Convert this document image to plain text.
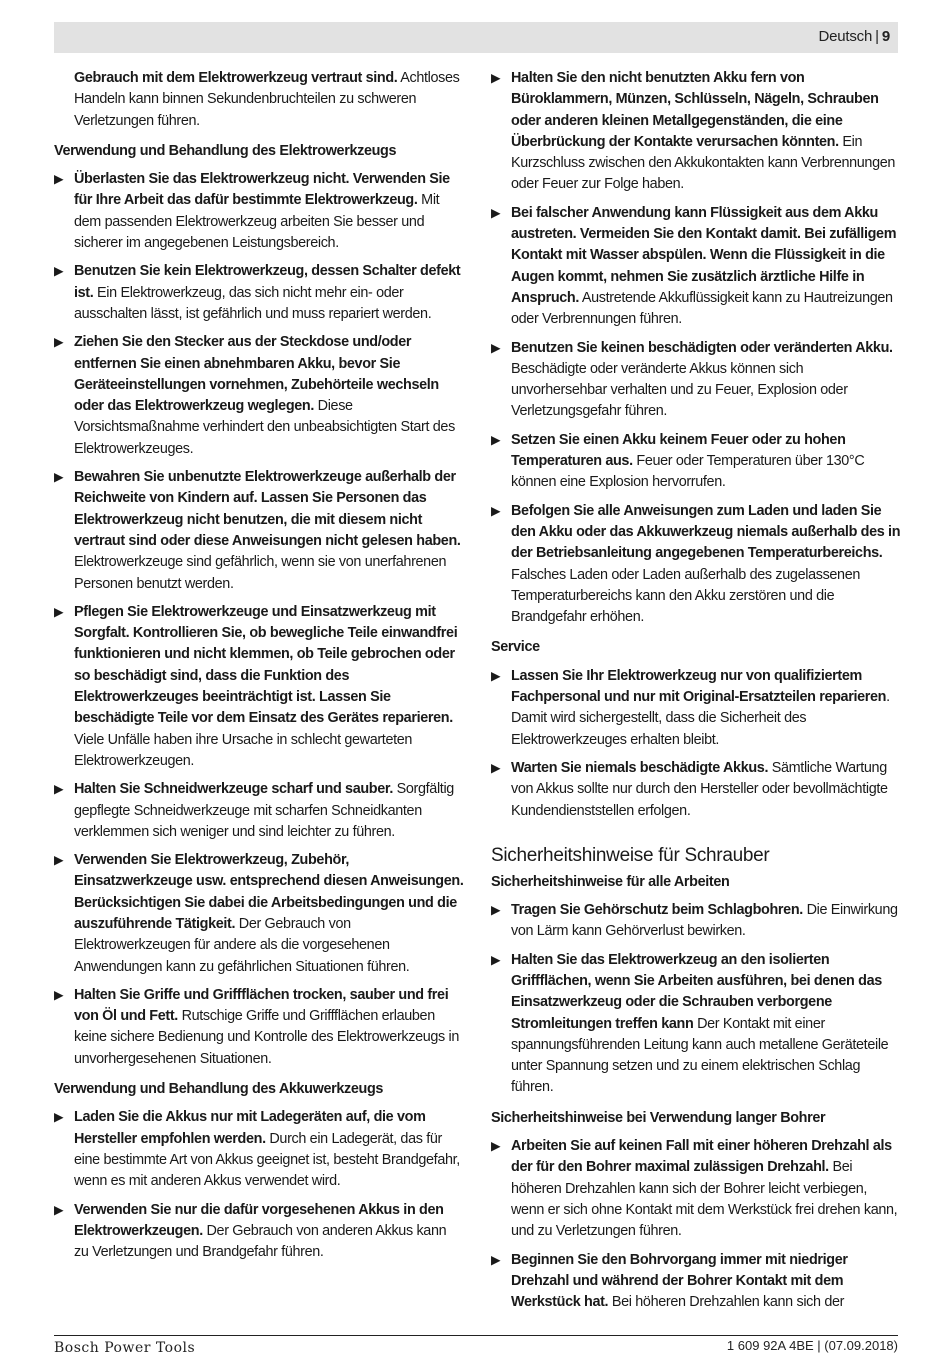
Deutsch | 9
Gebrauch mit dem Elektrowerkzeug vertraut sind. Achtloses Handeln kann binnen Sekundenbruchteilen zu schweren Verletzungen führen.
Verwendung und Behandlung des Elektrowerkzeugs
▶ Überlasten Sie das Elektrowerkzeug nicht. Verwenden Sie für Ihre Arbeit das dafür bestimmte Elektrowerkzeug. Mit dem passenden Elektrowerkzeug arbeiten Sie besser und sicherer im angegebenen Leistungsbereich.
▶ Benutzen Sie kein Elektrowerkzeug, dessen Schalter defekt ist. Ein Elektrowerkzeug, das sich nicht mehr ein- oder ausschalten lässt, ist gefährlich und muss repariert werden.
▶ Ziehen Sie den Stecker aus der Steckdose und/oder entfernen Sie einen abnehmbaren Akku, bevor Sie Geräteeinstellungen vornehmen, Zubehörteile wechseln oder das Elektrowerkzeug weglegen. Diese Vorsichtsmaßnahme verhindert den unbeabsichtigten Start des Elektrowerkzeuges.
▶ Bewahren Sie unbenutzte Elektrowerkzeuge außerhalb der Reichweite von Kindern auf. Lassen Sie Personen das Elektrowerkzeug nicht benutzen, die mit diesem nicht vertraut sind oder diese Anweisungen nicht gelesen haben. Elektrowerkzeuge sind gefährlich, wenn sie von unerfahrenen Personen benutzt werden.
▶ Pflegen Sie Elektrowerkzeuge und Einsatzwerkzeug mit Sorgfalt. Kontrollieren Sie, ob bewegliche Teile einwandfrei funktionieren und nicht klemmen, ob Teile gebrochen oder so beschädigt sind, dass die Funktion des Elektrowerkzeuges beeinträchtigt ist. Lassen Sie beschädigte Teile vor dem Einsatz des Gerätes reparieren. Viele Unfälle haben ihre Ursache in schlecht gewarteten Elektrowerkzeugen.
▶ Halten Sie Schneidwerkzeuge scharf und sauber. Sorgfältig gepflegte Schneidwerkzeuge mit scharfen Schneidkanten verklemmen sich weniger und sind leichter zu führen.
▶ Verwenden Sie Elektrowerkzeug, Zubehör, Einsatzwerkzeuge usw. entsprechend diesen Anweisungen. Berücksichtigen Sie dabei die Arbeitsbedingungen und die auszuführende Tätigkeit. Der Gebrauch von Elektrowerkzeugen für andere als die vorgesehenen Anwendungen kann zu gefährlichen Situationen führen.
▶ Halten Sie Griffe und Griffflächen trocken, sauber und frei von Öl und Fett. Rutschige Griffe und Griffflächen erlauben keine sichere Bedienung und Kontrolle des Elektrowerkzeugs in unvorhergesehenen Situationen.
Verwendung und Behandlung des Akkuwerkzeugs
▶ Laden Sie die Akkus nur mit Ladegeräten auf, die vom Hersteller empfohlen werden. Durch ein Ladegerät, das für eine bestimmte Art von Akkus geeignet ist, besteht Brandgefahr, wenn es mit anderen Akkus verwendet wird.
▶ Verwenden Sie nur die dafür vorgesehenen Akkus in den Elektrowerkzeugen. Der Gebrauch von anderen Akkus kann zu Verletzungen und Brandgefahr führen.
▶ Halten Sie den nicht benutzten Akku fern von Büroklammern, Münzen, Schlüsseln, Nägeln, Schrauben oder anderen kleinen Metallgegenständen, die eine Überbrückung der Kontakte verursachen könnten. Ein Kurzschluss zwischen den Akkukontakten kann Verbrennungen oder Feuer zur Folge haben.
▶ Bei falscher Anwendung kann Flüssigkeit aus dem Akku austreten. Vermeiden Sie den Kontakt damit. Bei zufälligem Kontakt mit Wasser abspülen. Wenn die Flüssigkeit in die Augen kommt, nehmen Sie zusätzlich ärztliche Hilfe in Anspruch. Austretende Akkuflüssigkeit kann zu Hautreizungen oder Verbrennungen führen.
▶ Benutzen Sie keinen beschädigten oder veränderten Akku. Beschädigte oder veränderte Akkus können sich unvorhersehbar verhalten und zu Feuer, Explosion oder Verletzungsgefahr führen.
▶ Setzen Sie einen Akku keinem Feuer oder zu hohen Temperaturen aus. Feuer oder Temperaturen über 130°C können eine Explosion hervorrufen.
▶ Befolgen Sie alle Anweisungen zum Laden und laden Sie den Akku oder das Akkuwerkzeug niemals außerhalb des in der Betriebsanleitung angegebenen Temperaturbereichs. Falsches Laden oder Laden außerhalb des zugelassenen Temperaturbereichs kann den Akku zerstören und die Brandgefahr erhöhen.
Service
▶ Lassen Sie Ihr Elektrowerkzeug nur von qualifiziertem Fachpersonal und nur mit Original-Ersatzteilen reparieren. Damit wird sichergestellt, dass die Sicherheit des Elektrowerkzeuges erhalten bleibt.
▶ Warten Sie niemals beschädigte Akkus. Sämtliche Wartung von Akkus sollte nur durch den Hersteller oder bevollmächtigte Kundendienststellen erfolgen.
Sicherheitshinweise für Schrauber
Sicherheitshinweise für alle Arbeiten
▶ Tragen Sie Gehörschutz beim Schlagbohren. Die Einwirkung von Lärm kann Gehörverlust bewirken.
▶ Halten Sie das Elektrowerkzeug an den isolierten Griffflächen, wenn Sie Arbeiten ausführen, bei denen das Einsatzwerkzeug oder die Schrauben verborgene Stromleitungen treffen kann Der Kontakt mit einer spannungsführenden Leitung kann auch metallene Geräteteile unter Spannung setzen und zu einem elektrischen Schlag führen.
Sicherheitshinweise bei Verwendung langer Bohrer
▶ Arbeiten Sie auf keinen Fall mit einer höheren Drehzahl als der für den Bohrer maximal zulässigen Drehzahl. Bei höheren Drehzahlen kann sich der Bohrer leicht verbiegen, wenn er sich ohne Kontakt mit dem Werkstück frei drehen kann, und zu Verletzungen führen.
▶ Beginnen Sie den Bohrvorgang immer mit niedriger Drehzahl und während der Bohrer Kontakt mit dem Werkstück hat. Bei höheren Drehzahlen kann sich der
Bosch Power Tools	1 609 92A 4BE | (07.09.2018)
